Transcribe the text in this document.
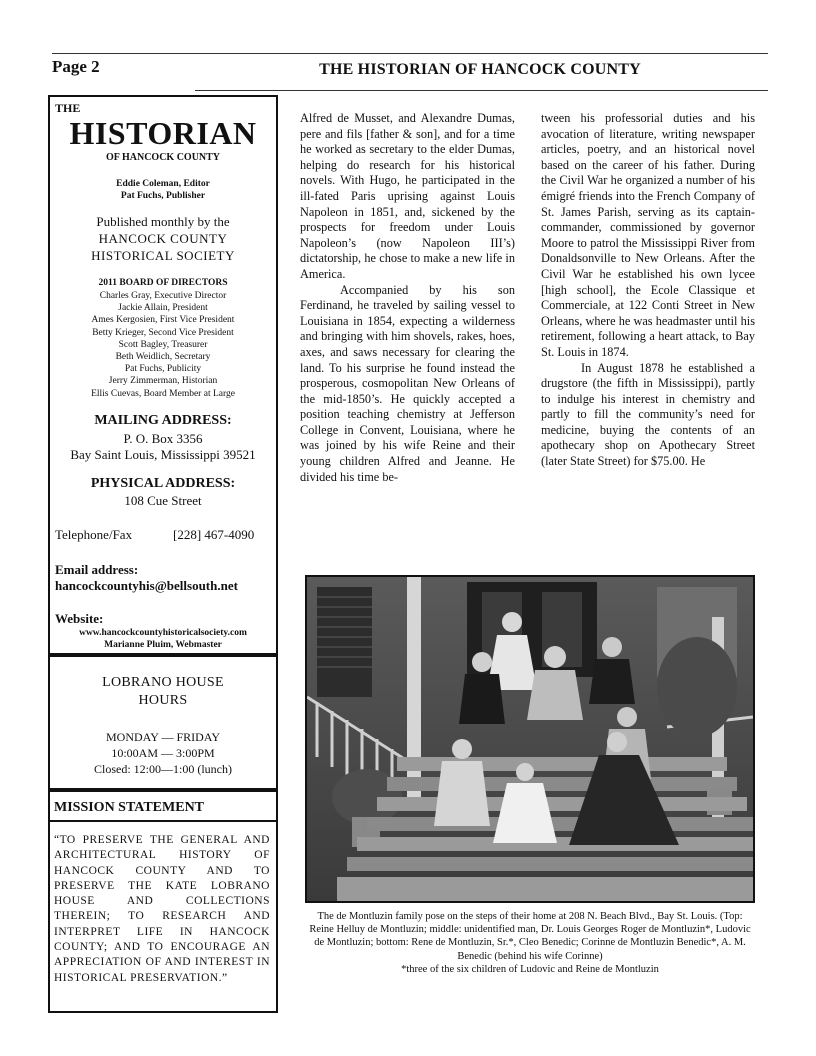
Page 2	THE HISTORIAN OF HANCOCK COUNTY
THE
HISTORIAN
OF HANCOCK COUNTY
Eddie Coleman, Editor
Pat Fuchs, Publisher
Published monthly by the
HANCOCK COUNTY
HISTORICAL SOCIETY
2011 BOARD OF DIRECTORS
Charles Gray, Executive Director
Jackie Allain, President
Ames Kergosien, First Vice President
Betty Krieger, Second Vice President
Scott Bagley, Treasurer
Beth Weidlich, Secretary
Pat Fuchs, Publicity
Jerry Zimmerman, Historian
Ellis Cuevas, Board Member at Large
MAILING ADDRESS:
P. O. Box 3356
Bay Saint Louis, Mississippi 39521
PHYSICAL ADDRESS:
108 Cue Street
Telephone/Fax	[228] 467-4090
Email address:
hancockcountyhis@bellsouth.net
Website:
www.hancockcountyhistoricalsociety.com
Marianne Pluim, Webmaster
LOBRANO HOUSE
HOURS
MONDAY — FRIDAY
10:00AM — 3:00PM
Closed: 12:00—1:00 (lunch)
MISSION STATEMENT
“TO PRESERVE THE GENERAL AND ARCHITECTURAL HISTORY OF HANCOCK COUNTY AND TO PRESERVE THE KATE LOBRANO HOUSE AND COLLECTIONS THEREIN; TO RESEARCH AND INTERPRET LIFE IN HANCOCK COUNTY; AND TO ENCOURAGE AN APPRECIATION OF AND INTEREST IN HISTORICAL PRESERVATION.”

Alfred de Musset, and Alexandre Dumas, pere and fils [father & son], and for a time he worked as secretary to the elder Dumas, helping do research for his historical novels. With Hugo, he participated in the ill-fated Paris uprising against Louis Napoleon in 1851, and, sickened by the prospects for freedom under Louis Napoleon’s (now Napoleon III’s) dictatorship, he chose to make a new life in America.

Accompanied by his son Ferdinand, he traveled by sailing vessel to Louisiana in 1854, expecting a wilderness and bringing with him shovels, rakes, hoes, axes, and saws necessary for clearing the land. To his surprise he found instead the prosperous, cosmopolitan New Orleans of the mid-1850’s. He quickly accepted a position teaching chemistry at Jefferson College in Convent, Louisiana, where he was joined by his wife Reine and their young children Alfred and Jeanne. He divided his time be-

tween his professorial duties and his avocation of literature, writing newspaper articles, poetry, and an historical novel based on the career of his father. During the Civil War he organized a number of his émigré friends into the French Company of St. James Parish, serving as its captain-commander, commissioned by governor Moore to patrol the Mississippi River from Donaldsonville to New Orleans. After the Civil War he established his own lycee [high school], the Ecole Classique et Commerciale, at 122 Conti Street in New Orleans, where he was headmaster until his retirement, following a heart attack, to Bay St. Louis in 1874.

In August 1878 he established a drugstore (the fifth in Mississippi), partly to indulge his interest in chemistry and partly to fill the community’s need for medicine, buying the contents of an apothecary shop on Apothecary Street (later State Street) for $75.00. He

The de Montluzin family pose on the steps of their home at 208 N. Beach Blvd., Bay St. Louis. (Top: Reine Helluy de Montluzin; middle: unidentified man, Dr. Louis Georges Roger de Montluzin*, Ludovic de Montluzin; bottom: Rene de Montluzin, Sr.*, Cleo Benedic; Corinne de Montluzin Benedic*, A. M. Benedic (behind his wife Corinne)
*three of the six children of Ludovic and Reine de Montluzin
